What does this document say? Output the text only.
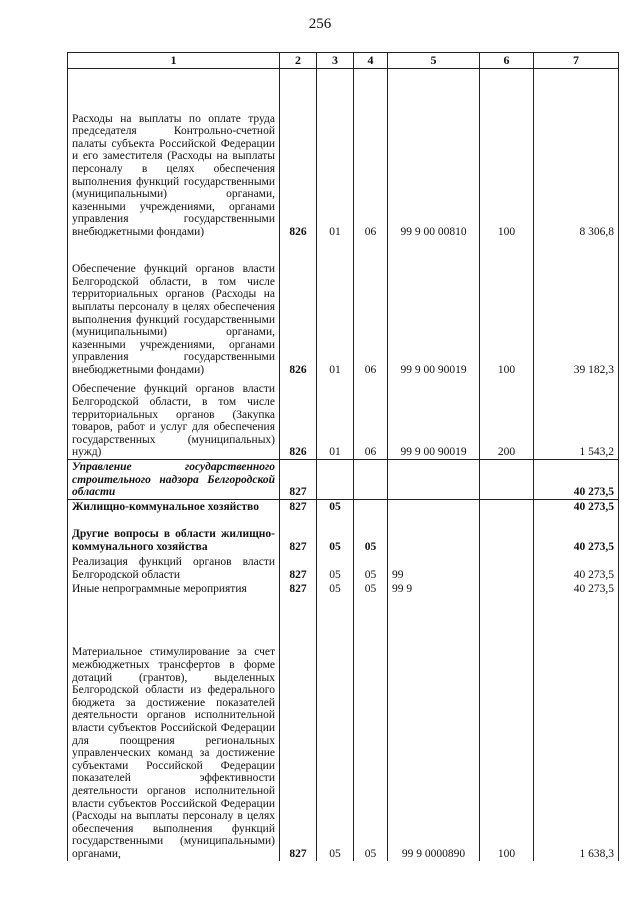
256
1	2	3	4	5	6	7
Расходы на выплаты по оплате труда председателя Контрольно-счетной палаты субъекта Российской Федерации и его заместителя (Расходы на выплаты персоналу в целях обеспечения выполнения функций государственными (муниципальными) органами, казенными учреждениями, органами управления государственными внебюджетными фондами)	826	01	06	99 9 00 00810	100	8 306,8
Обеспечение функций органов власти Белгородской области, в том числе территориальных органов (Расходы на выплаты персоналу в целях обеспечения выполнения функций государственными (муниципальными) органами, казенными учреждениями, органами управления государственными внебюджетными фондами)	826	01	06	99 9 00 90019	100	39 182,3
Обеспечение функций органов власти Белгородской области, в том числе территориальных органов (Закупка товаров, работ и услуг для обеспечения государственных (муниципальных) нужд)	826	01	06	99 9 00 90019	200	1 543,2
Управление государственного строительного надзора Белгородской области	827					40 273,5
Жилищно-коммунальное хозяйство	827	05				40 273,5
Другие вопросы в области жилищно-коммунального хозяйства	827	05	05			40 273,5
Реализация функций органов власти Белгородской области	827	05	05	99		40 273,5
Иные непрограммные мероприятия	827	05	05	99 9		40 273,5
Материальное стимулирование за счет межбюджетных трансфертов в форме дотаций (грантов), выделенных Белгородской области из федерального бюджета за достижение показателей деятельности органов исполнительной власти субъектов Российской Федерации для поощрения региональных управленческих команд за достижение субъектами Российской Федерации показателей эффективности деятельности органов исполнительной власти субъектов Российской Федерации (Расходы на выплаты персоналу в целях обеспечения выполнения функций государственными (муниципальными) органами,	827	05	05	99 9 0000890	100	1 638,3
